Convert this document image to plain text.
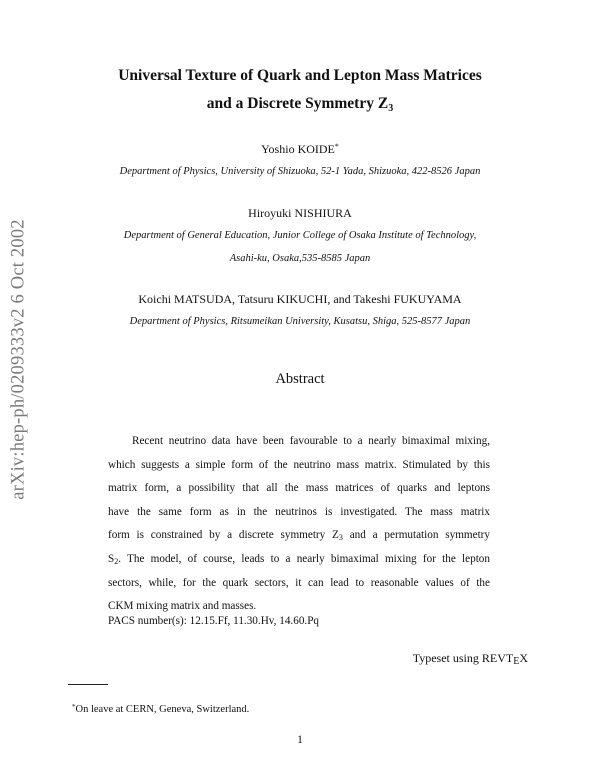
arXiv:hep-ph/0209333v2 6 Oct 2002
Universal Texture of Quark and Lepton Mass Matrices
and a Discrete Symmetry $Z_3$
Yoshio KOIDE*
Department of Physics, University of Shizuoka, 52-1 Yada, Shizuoka, 422-8526 Japan
Hiroyuki NISHIURA
Department of General Education, Junior College of Osaka Institute of Technology,
Asahi-ku, Osaka,535-8585 Japan
Koichi MATSUDA, Tatsuru KIKUCHI, and Takeshi FUKUYAMA
Department of Physics, Ritsumeikan University, Kusatsu, Shiga, 525-8577 Japan
Abstract
Recent neutrino data have been favourable to a nearly bimaximal mixing,
which suggests a simple form of the neutrino mass matrix. Stimulated by this
matrix form, a possibility that all the mass matrices of quarks and leptons
have the same form as in the neutrinos is investigated. The mass matrix
form is constrained by a discrete symmetry $Z_3$ and a permutation symmetry
$S_2$. The model, of course, leads to a nearly bimaximal mixing for the lepton
sectors, while, for the quark sectors, it can lead to reasonable values of the
CKM mixing matrix and masses.
PACS number(s): 12.15.Ff, 11.30.Hv, 14.60.Pq
Typeset using REVTEX
*On leave at CERN, Geneva, Switzerland.
1
